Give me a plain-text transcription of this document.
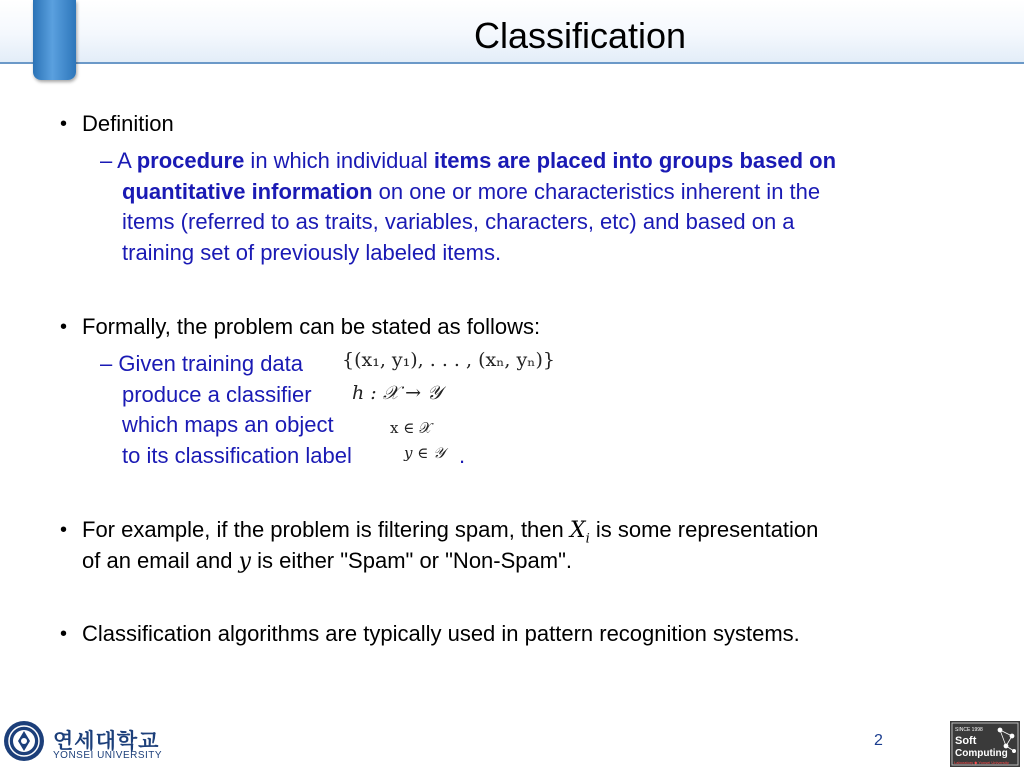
Classification
• Definition
– A procedure in which individual items are placed into groups based on
quantitative information on one or more characteristics inherent in the
items (referred to as traits, variables, characters, etc) and based on a
training set of previously labeled items.
• Formally, the problem can be stated as follows:
– Given training data {(x₁, y₁), . . . , (xₙ, yₙ)}
produce a classifier h : 𝒳 → 𝒴
which maps an object	x ∈ 𝒳
to its classification label	y ∈ 𝒴 .
• For example, if the problem is filtering spam, then $X_i$ is some representation
of an email and y is either "Spam" or "Non-Spam".
• Classification algorithms are typically used in pattern recognition systems.
연세대학교
YONSEI UNIVERSITY
2
SINCE 1998
Soft
Computing
Laboratory ◆ Yonsei University
